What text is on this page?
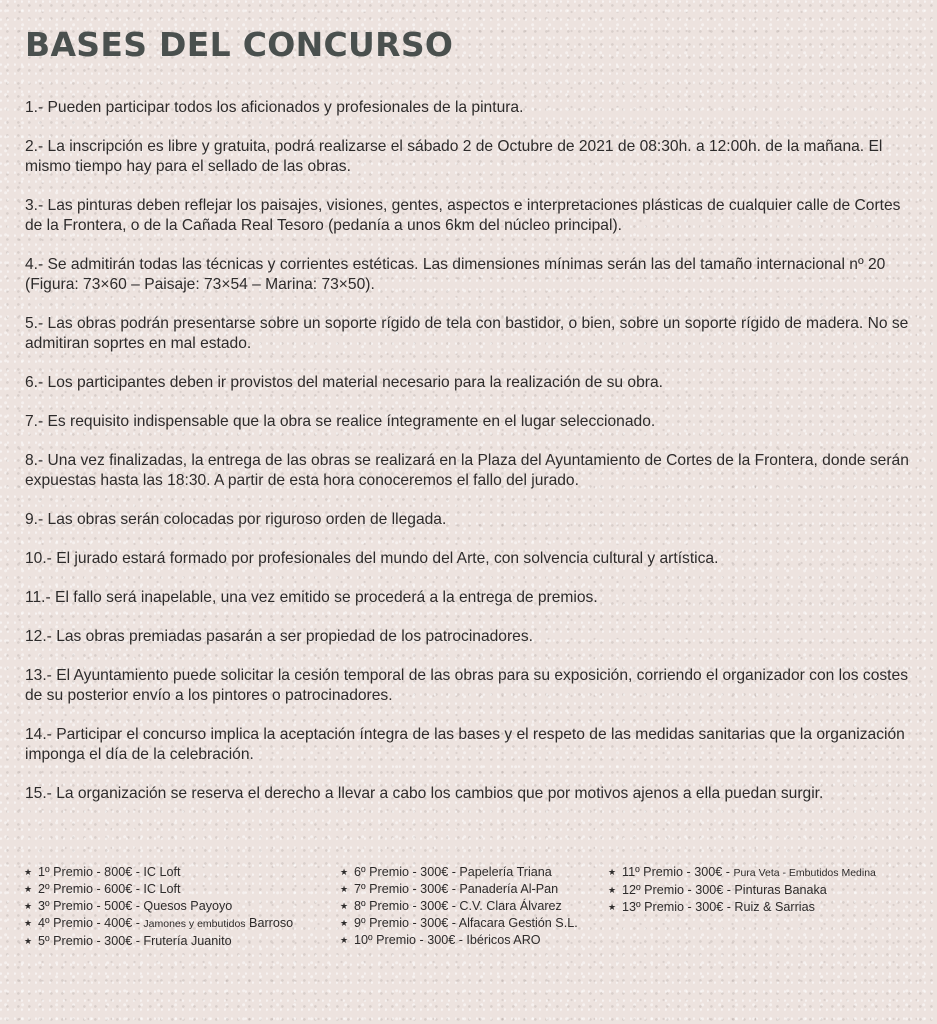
BASES DEL CONCURSO
1.- Pueden participar todos los aficionados y profesionales de la pintura.
2.- La inscripción es libre y gratuita, podrá realizarse el sábado 2 de Octubre de 2021 de 08:30h. a 12:00h. de la mañana. El mismo tiempo hay para el sellado de las obras.
3.- Las pinturas deben reflejar los paisajes, visiones, gentes, aspectos e interpretaciones plásticas de cualquier calle de Cortes de la Frontera, o de la Cañada Real Tesoro (pedanía a unos 6km del núcleo principal).
4.- Se admitirán todas las técnicas y corrientes estéticas. Las dimensiones mínimas serán las del tamaño internacional nº 20 (Figura: 73×60 – Paisaje: 73×54 – Marina: 73×50).
5.- Las obras podrán presentarse sobre un soporte rígido de tela con bastidor, o bien, sobre un soporte rígido de madera. No se admitiran soprtes en mal estado.
6.- Los participantes deben ir provistos del material necesario para la realización de su obra.
7.- Es requisito indispensable que la obra se realice íntegramente en el lugar seleccionado.
8.- Una vez finalizadas, la entrega de las obras se realizará en la Plaza del Ayuntamiento de Cortes de la Frontera, donde serán expuestas hasta las 18:30. A partir de esta hora conoceremos el fallo del jurado.
9.- Las obras serán colocadas por riguroso orden de llegada.
10.- El jurado estará formado por profesionales del mundo del Arte, con solvencia cultural y artística.
11.- El fallo será inapelable, una vez emitido se procederá a la entrega de premios.
12.- Las obras premiadas pasarán a ser propiedad de los patrocinadores.
13.- El Ayuntamiento puede solicitar la cesión temporal de las obras para su exposición, corriendo el organizador con los costes de su posterior envío a los pintores o patrocinadores.
14.- Participar el concurso implica la aceptación íntegra de las bases y el respeto de las medidas sanitarias que la organización imponga el día de la celebración.
15.- La organización se reserva el derecho a llevar a cabo los cambios que por motivos ajenos a ella puedan surgir.
★ 1º Premio - 800€ - IC Loft
★ 2º Premio - 600€ - IC Loft
★ 3º Premio - 500€ - Quesos Payoyo
★ 4º Premio - 400€ - Jamones y embutidos Barroso
★ 5º Premio - 300€ - Frutería Juanito
★ 6º Premio - 300€ - Papelería Triana
★ 7º Premio - 300€ - Panadería Al-Pan
★ 8º Premio - 300€ - C.V. Clara Álvarez
★ 9º Premio - 300€ - Alfacara Gestión S.L.
★ 10º Premio - 300€ - Ibéricos ARO
★ 11º Premio - 300€ - Pura Veta - Embutidos Medina
★ 12º Premio - 300€ - Pinturas Banaka
★ 13º Premio - 300€ - Ruiz & Sarrias
